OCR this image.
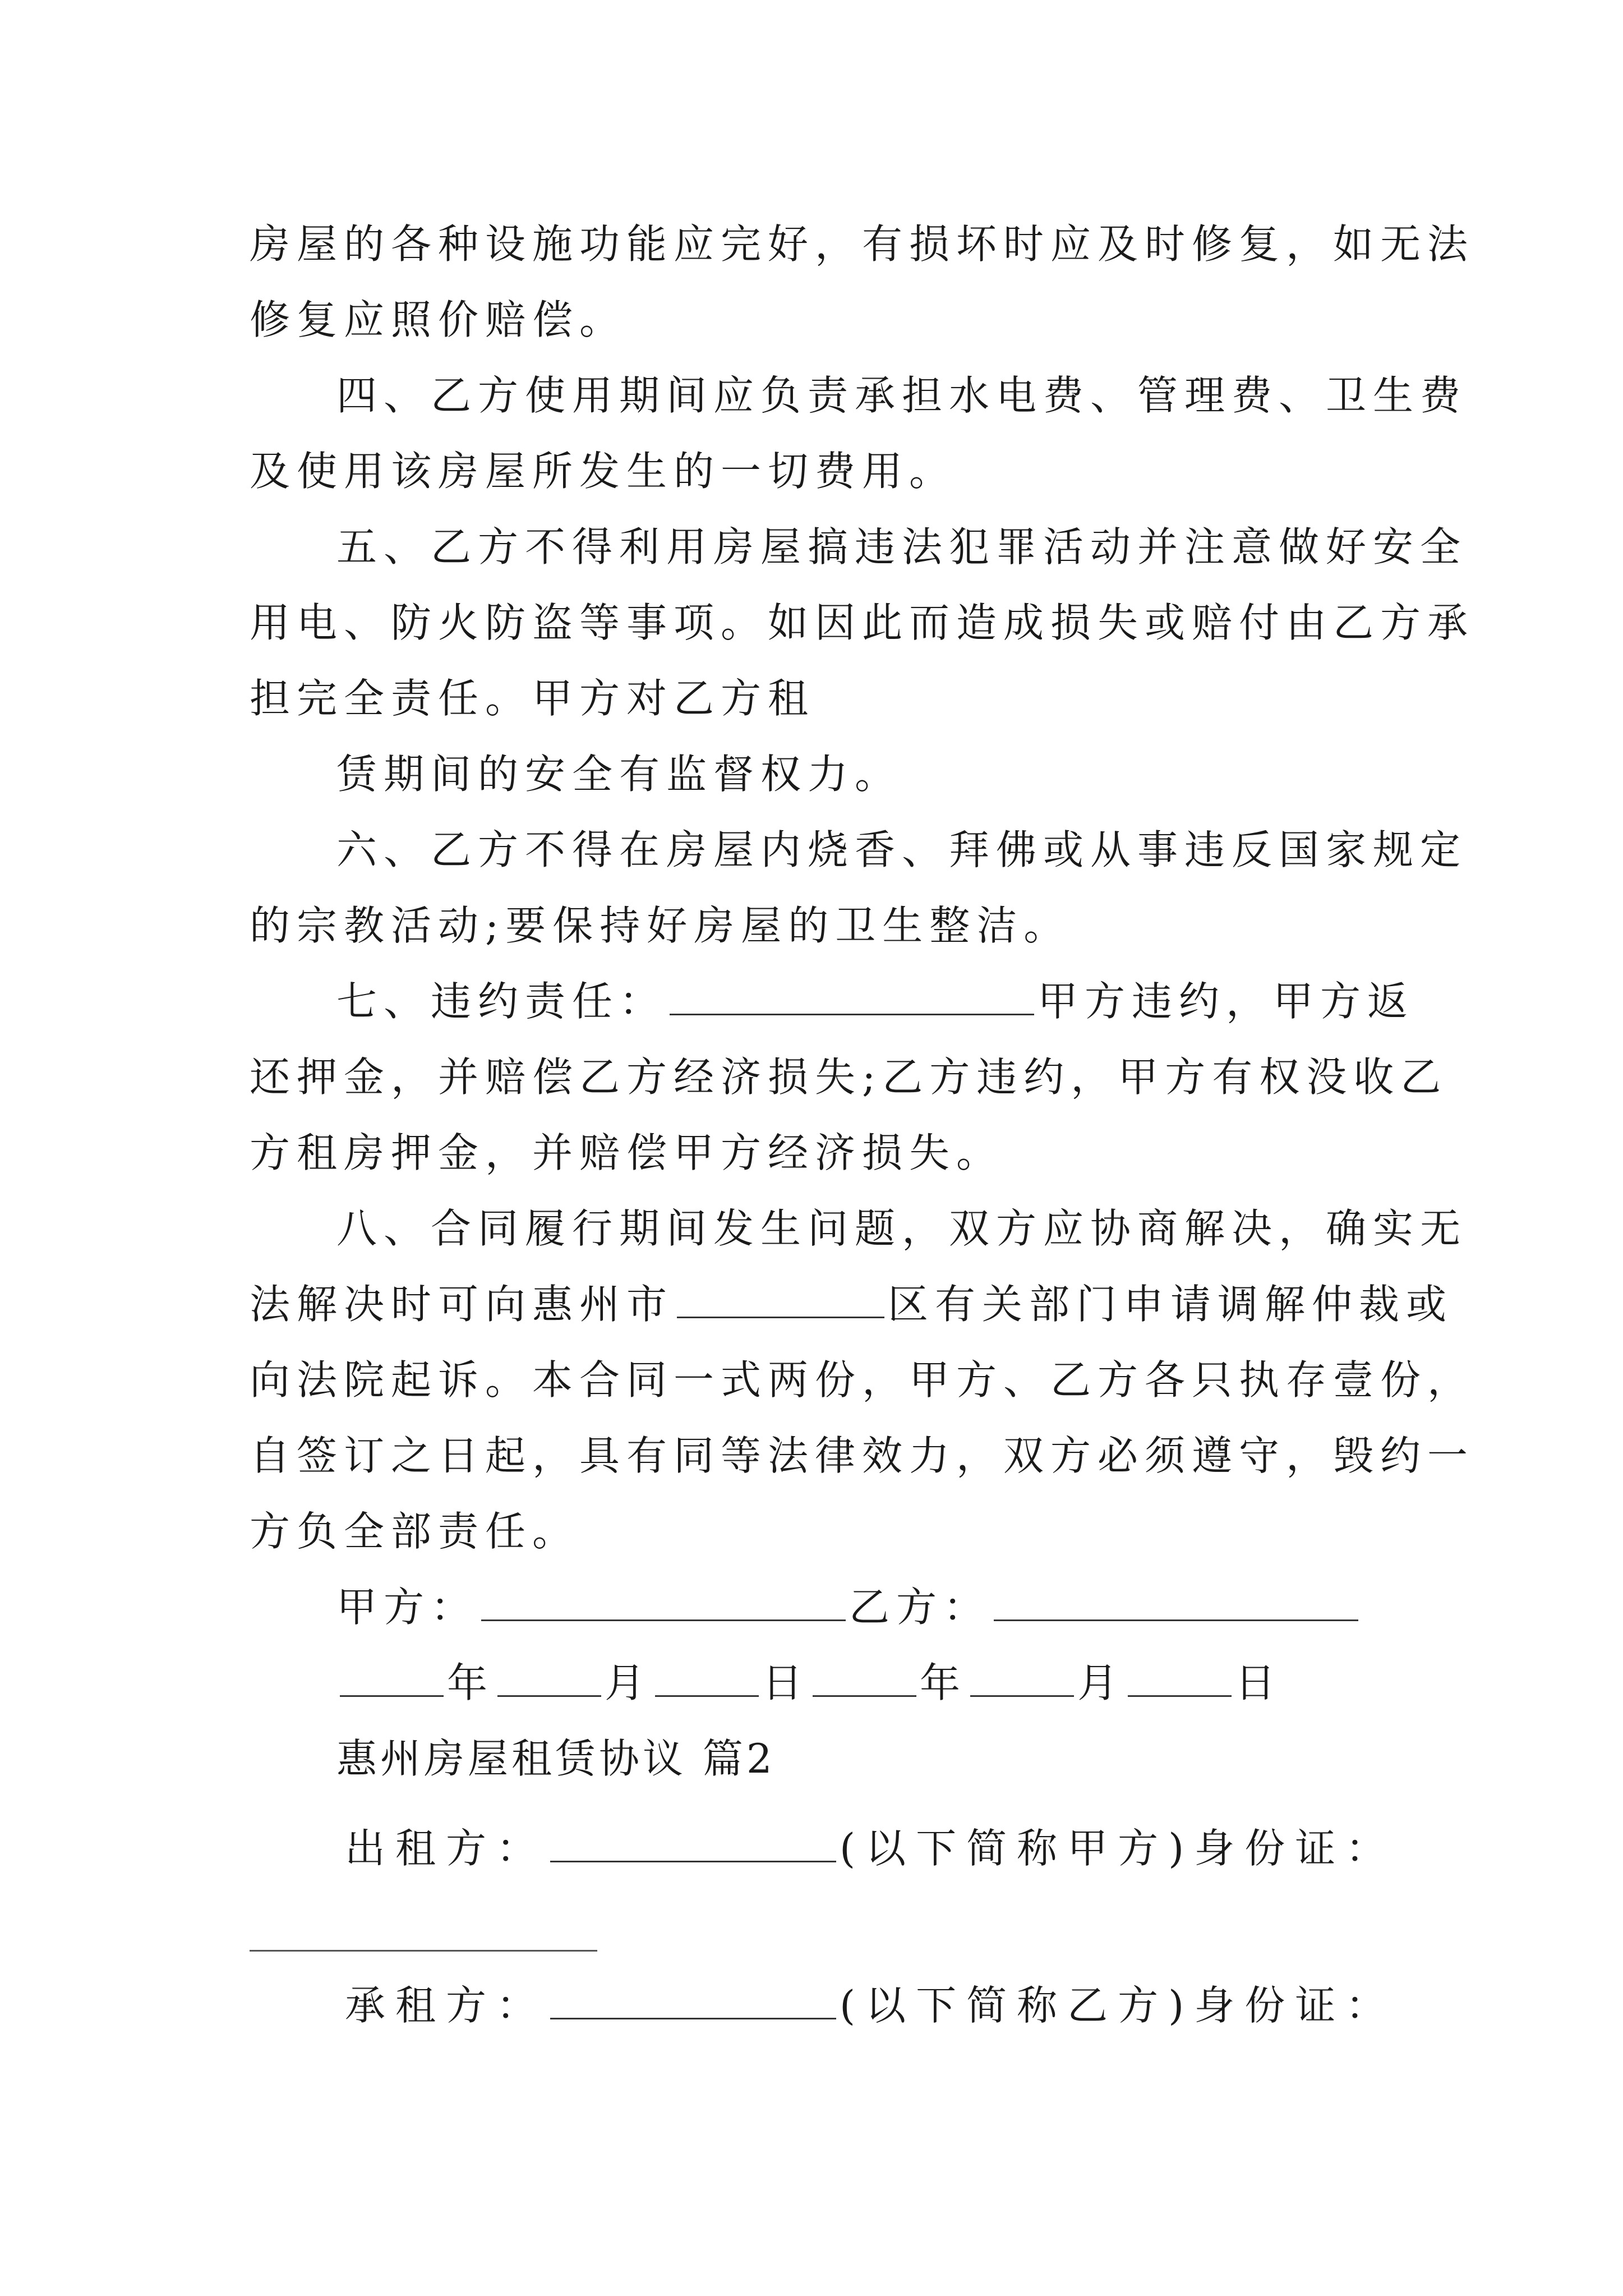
房屋的各种设施功能应完好，有损坏时应及时修复，如无法
修复应照价赔偿。
四、乙方使用期间应负责承担水电费、管理费、卫生费
及使用该房屋所发生的一切费用。
五、乙方不得利用房屋搞违法犯罪活动并注意做好安全
用电、防火防盗等事项。如因此而造成损失或赔付由乙方承
担完全责任。甲方对乙方租
赁期间的安全有监督权力。
六、乙方不得在房屋内烧香、拜佛或从事违反国家规定
的宗教活动;要保持好房屋的卫生整洁。
七、违约责任：	甲方违约，甲方返
还押金，并赔偿乙方经济损失;乙方违约，甲方有权没收乙
方租房押金，并赔偿甲方经济损失。
八、合同履行期间发生问题，双方应协商解决，确实无
法解决时可向惠州市	区有关部门申请调解仲裁或
向法院起诉。本合同一式两份，甲方、乙方各只执存壹份，
自签订之日起，具有同等法律效力，双方必须遵守，毁约一
方负全部责任。
甲方：	乙方：
年	月	日	年	月	日
惠州房屋租赁协议 篇2
出租方：	(以下简称甲方)身份证：
承租方：	(以下简称乙方)身份证：
